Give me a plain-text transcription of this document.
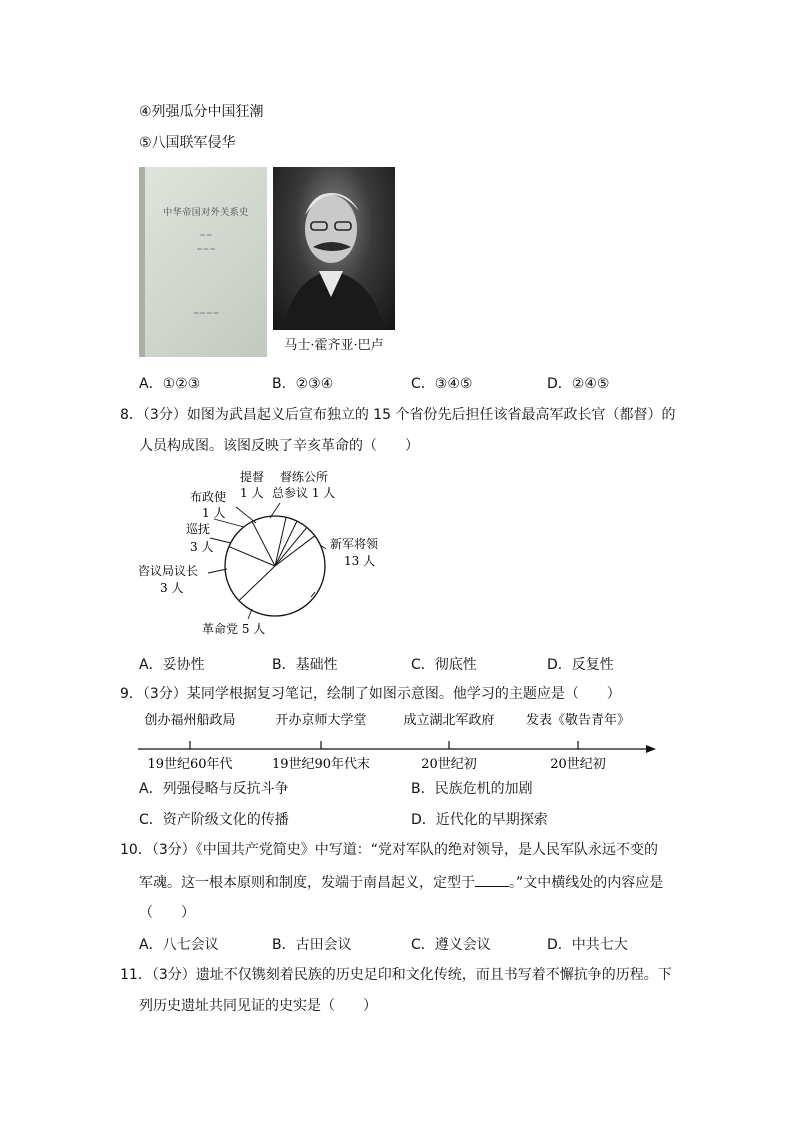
④列强瓜分中国狂潮
⑤八国联军侵华
中华帝国对外关系史
▁ ▁
▁ ▁ ▁
▁ ▁ ▁ ▁
马士·霍齐亚·巴卢
A．①②③	B．②③④	C．③④⑤	D．②④⑤
8．（3分）如图为武昌起义后宣布独立的 15 个省份先后担任该省最高军政长官（都督）的
人员构成图。该图反映了辛亥革命的（　　）
提督
1 人
督练公所
总参议 1 人
布政使
1 人
巡抚
3 人
咨议局议长
3 人
新军将领
13 人
革命党 5 人
A．妥协性	B．基础性	C．彻底性	D．反复性
9．（3分）某同学根据复习笔记，绘制了如图示意图。他学习的主题应是（　　）
创办福州船政局	开办京师大学堂	成立湖北军政府 发表《敬告青年》
19世纪60年代	19世纪90年代末	20世纪初	20世纪初
A．列强侵略与反抗斗争	B．民族危机的加剧
C．资产阶级文化的传播	D．近代化的早期探索
10．（3分）《中国共产党简史》中写道：“党对军队的绝对领导，是人民军队永远不变的
军魂。这一根本原则和制度，发端于南昌起义，定型于 。”文中横线处的内容应是
（　　）
A．八七会议	B．古田会议	C．遵义会议	D．中共七大
11．（3分）遗址不仅镌刻着民族的历史足印和文化传统，而且书写着不懈抗争的历程。下
列历史遗址共同见证的史实是（　　）
